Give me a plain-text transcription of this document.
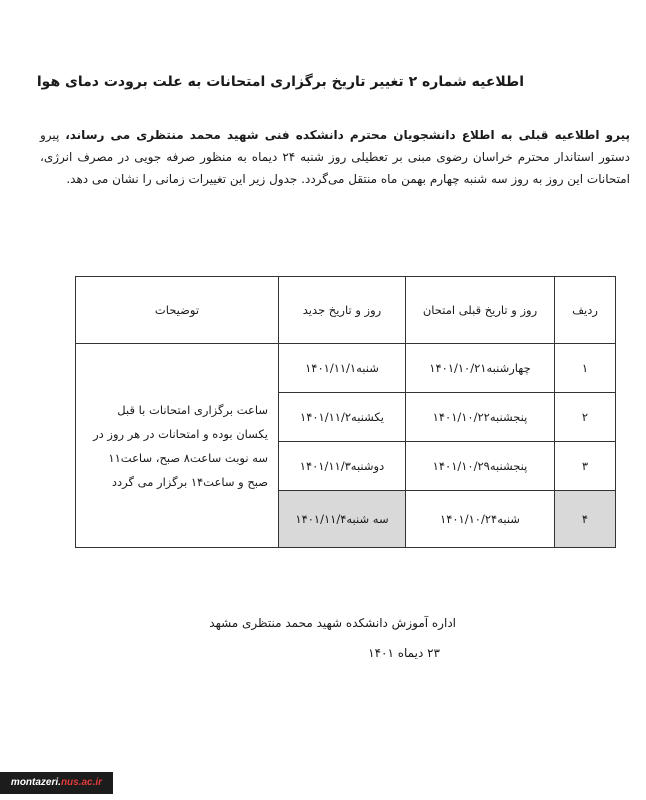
اطلاعیه شماره ۲ تغییر تاریخ برگزاری امتحانات به علت برودت دمای هوا
پیرو اطلاعیه قبلی به اطلاع دانشجویان محترم دانشکده فنی شهید محمد منتظری می رساند، پیرو دستور استاندار محترم خراسان رضوی مبنی بر تعطیلی روز شنبه ۲۴ دیماه به منظور صرفه جویی در مصرف انرژی، امتحانات این روز به روز سه شنبه چهارم بهمن ماه منتقل می‌گردد. جدول زیر این تغییرات زمانی را نشان می دهد.
ردیف	روز و تاریخ قبلی امتحان	روز و تاریخ جدید	توضیحات
۱	چهارشنبه۱۴۰۱/۱۰/۲۱	شنبه۱۴۰۱/۱۱/۱	ساعت برگزاری امتحانات با قبل یکسان بوده و امتحانات در هر روز در سه نوبت ساعت۸ صبح، ساعت۱۱ صبح و ساعت۱۴ برگزار می گردد
۲	پنجشنبه۱۴۰۱/۱۰/۲۲	یکشنبه۱۴۰۱/۱۱/۲	
۳	پنجشنبه۱۴۰۱/۱۰/۲۹	دوشنبه۱۴۰۱/۱۱/۳	
۴	شنبه۱۴۰۱/۱۰/۲۴	سه شنبه۱۴۰۱/۱۱/۴	
اداره آموزش دانشکده شهید محمد منتظری مشهد
۲۳ دیماه ۱۴۰۱
montazeri.nus.ac.ir
